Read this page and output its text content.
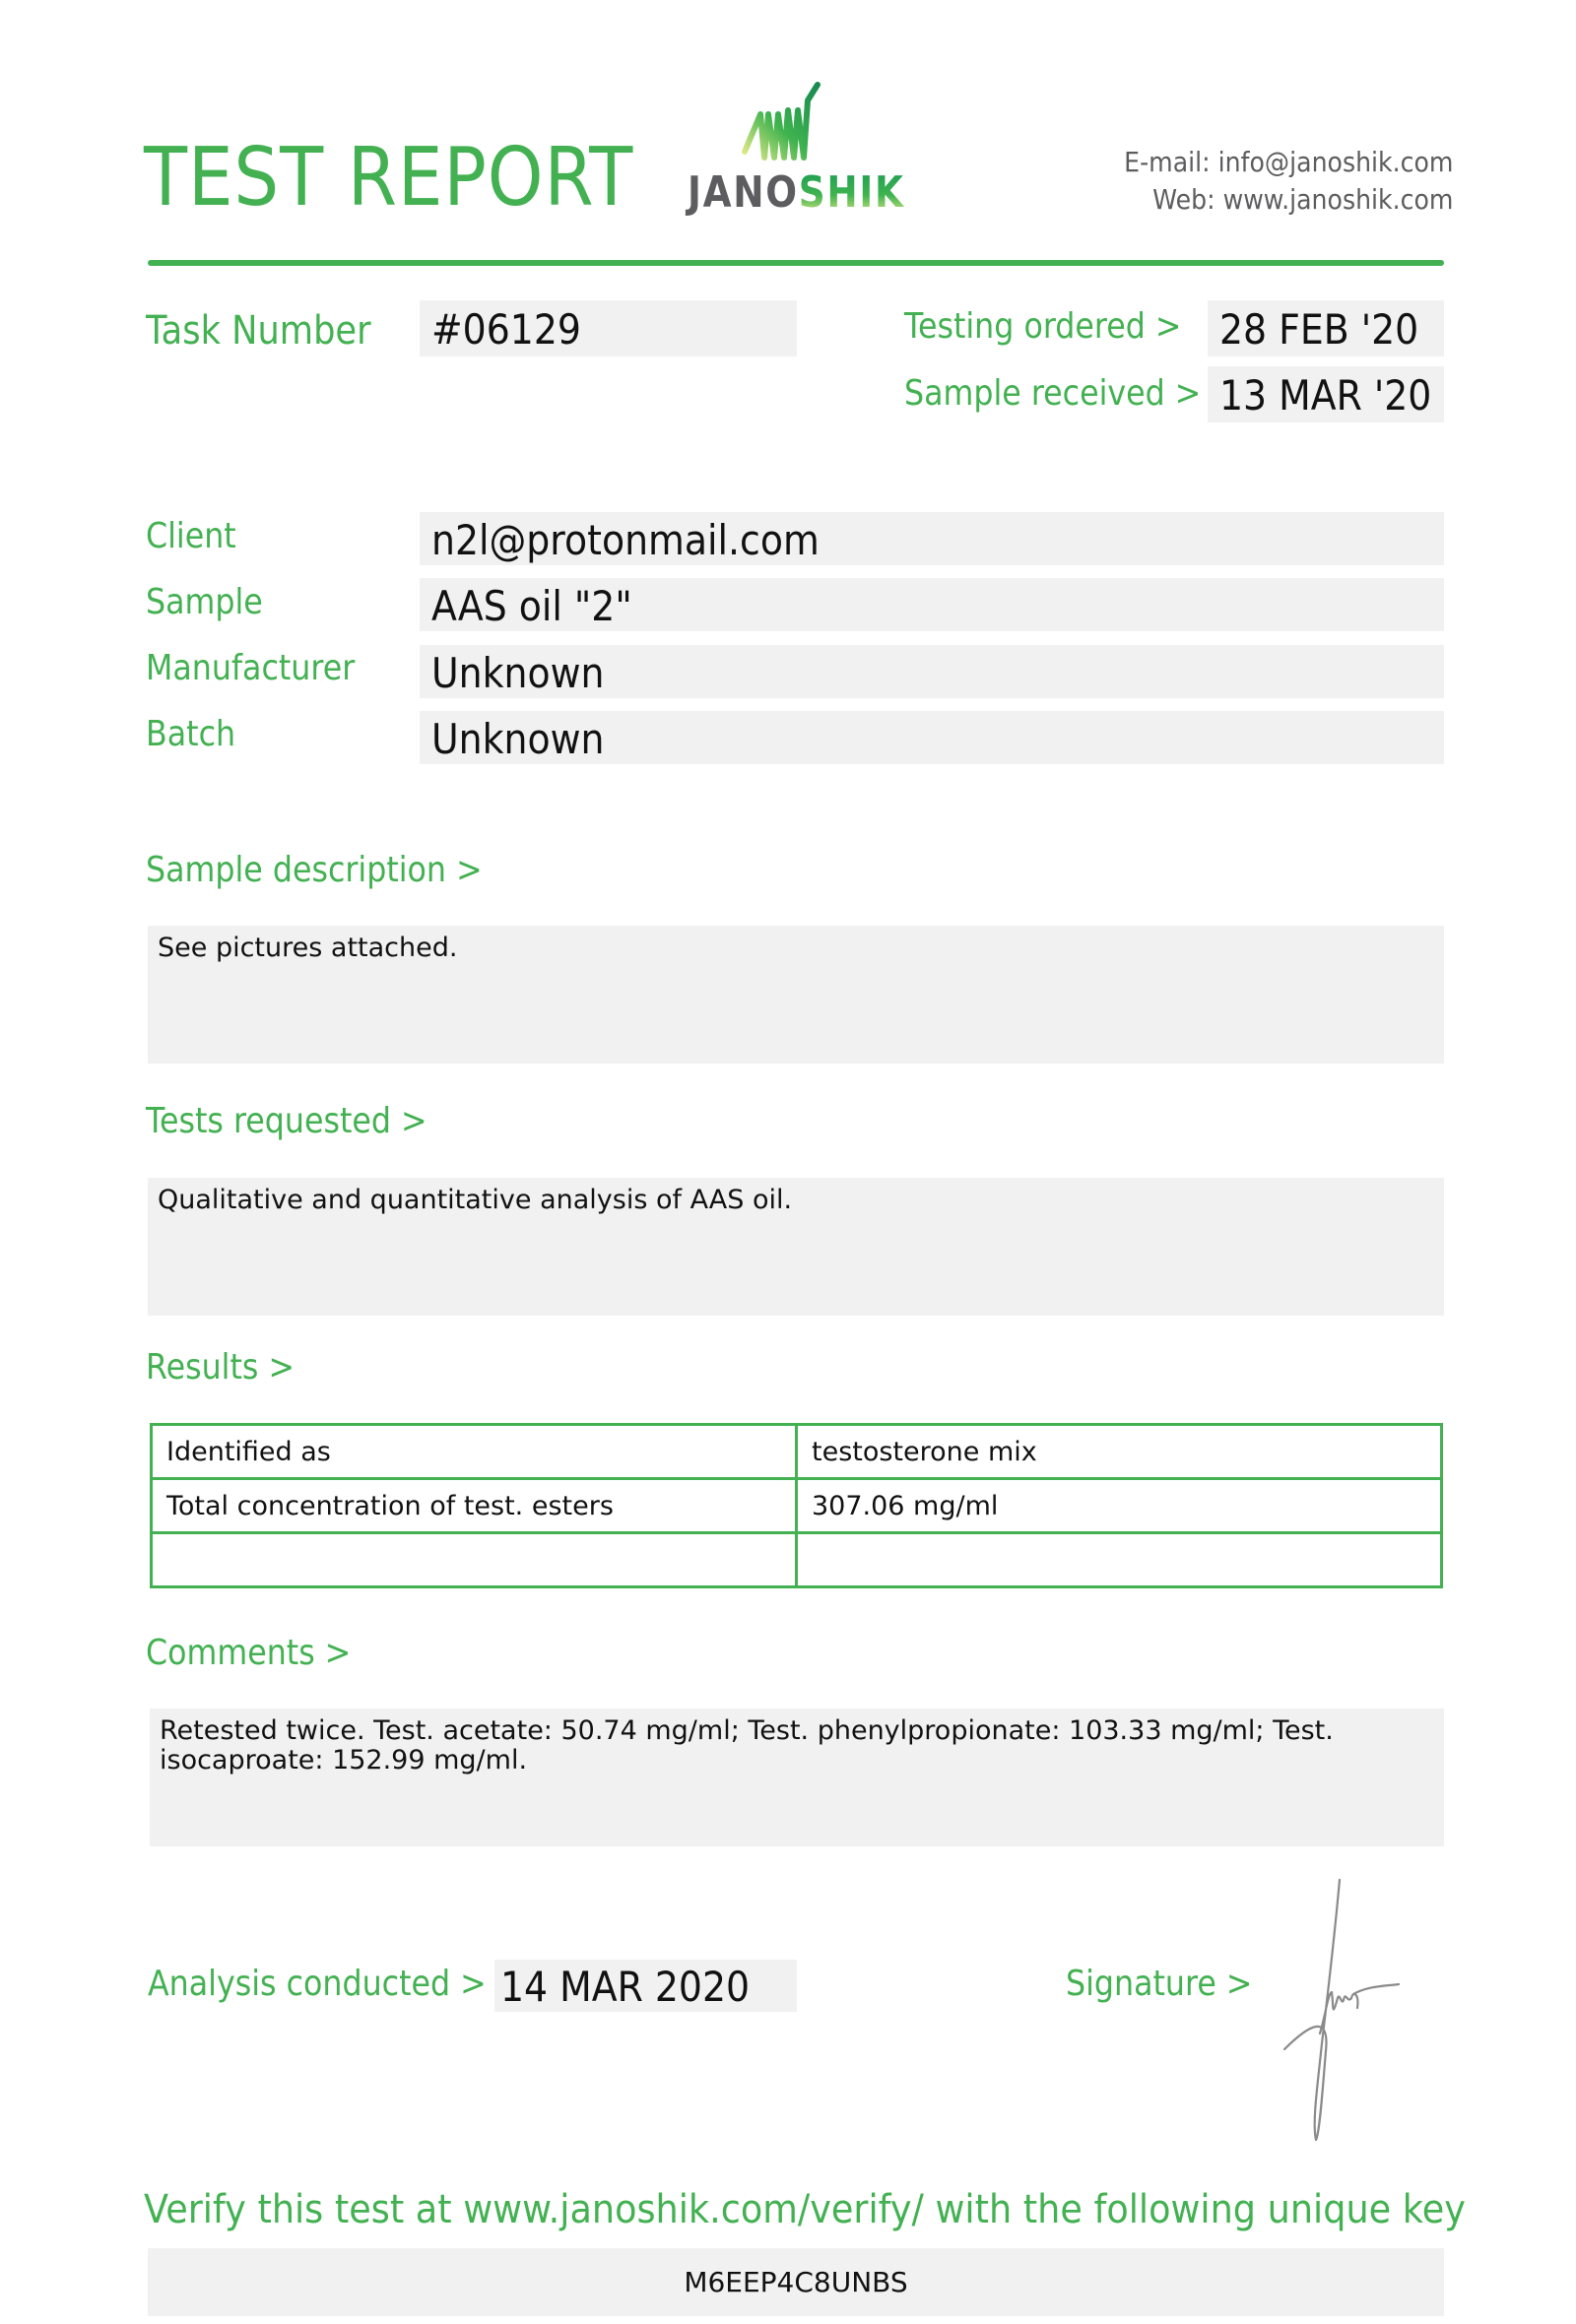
TEST REPORT JANOSHIK
E-mail: info@janoshik.com
Web: www.janoshik.com
Task Number #06129	Testing ordered > 28 FEB '20
Sample received > 13 MAR '20
Client	n2l@protonmail.com
Sample	AAS oil "2"
Manufacturer Unknown
Batch	Unknown
Sample description >
See pictures attached.
Tests requested >
Qualitative and quantitative analysis of AAS oil.
Results >
Identified as	testosterone mix
Total concentration of test. esters	307.06 mg/ml

Comments >
Retested twice. Test. acetate: 50.74 mg/ml; Test. phenylpropionate: 103.33 mg/ml; Test. isocaproate: 152.99 mg/ml.
Analysis conducted > 14 MAR 2020	Signature >
Verify this test at www.janoshik.com/verify/ with the following unique key
M6EEP4C8UNBS
